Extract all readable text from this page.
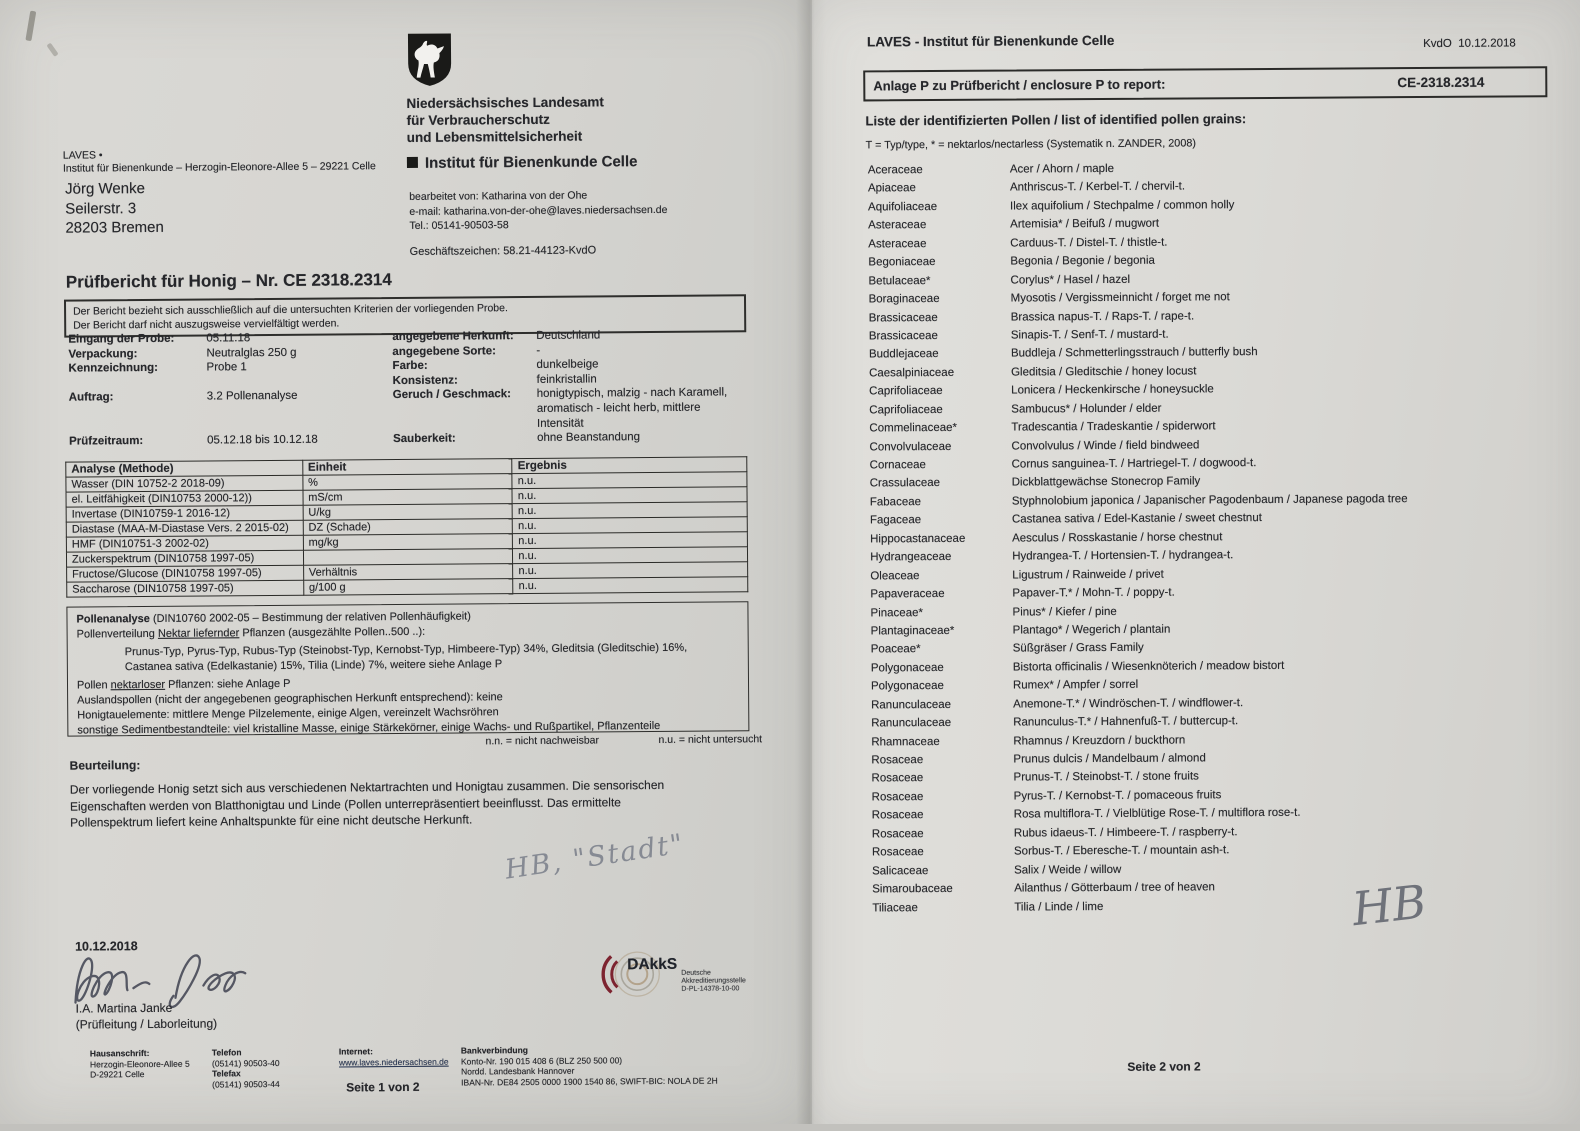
LAVES •
Institut für Bienenkunde – Herzogin-Eleonore-Allee 5 – 29221 Celle
Jörg Wenke
Seilerstr. 3
28203 Bremen
Niedersächsisches Landesamt
für Verbraucherschutz
und Lebensmittelsicherheit
Institut für Bienenkunde Celle
bearbeitet von: Katharina von der Ohe
e-mail: katharina.von-der-ohe@laves.niedersachsen.de
Tel.: 05141-90503-58
Geschäftszeichen: 58.21-44123-KvdO
Prüfbericht für Honig – Nr. CE 2318.2314
Der Bericht bezieht sich ausschließlich auf die untersuchten Kriterien der vorliegenden Probe.
Der Bericht darf nicht auszugsweise vervielfältigt werden.
Eingang der Probe:	05.11.18	angegebene Herkunft:	Deutschland
Verpackung:	Neutralglas 250 g	angegebene Sorte:	-
Kennzeichnung:	Probe 1	Farbe:	dunkelbeige
Konsistenz:	feinkristallin
Auftrag:	3.2 Pollenanalyse	Geruch / Geschmack:	honigtypisch, malzig - nach Karamell,
aromatisch - leicht herb, mittlere
Intensität
Prüfzeitraum:	05.12.18 bis 10.12.18	Sauberkeit:	ohne Beanstandung
Analyse (Methode)	Einheit	Ergebnis
Wasser (DIN 10752-2 2018-09)	%	n.u.
el. Leitfähigkeit (DIN10753 2000-12))	mS/cm	n.u.
Invertase (DIN10759-1 2016-12)	U/kg	n.u.
Diastase (MAA-M-Diastase Vers. 2 2015-02)	DZ (Schade)	n.u.
HMF (DIN10751-3 2002-02)	mg/kg	n.u.
Zuckerspektrum (DIN10758 1997-05)		n.u.
Fructose/Glucose (DIN10758 1997-05)	Verhältnis	n.u.
Saccharose (DIN10758 1997-05)	g/100 g	n.u.
Pollenanalyse (DIN10760 2002-05 – Bestimmung der relativen Pollenhäufigkeit)
Pollenverteilung Nektar liefernder Pflanzen (ausgezählte Pollen..500 ..):
Prunus-Typ, Pyrus-Typ, Rubus-Typ (Steinobst-Typ, Kernobst-Typ, Himbeere-Typ) 34%, Gleditsia (Gleditschie) 16%,
Castanea sativa (Edelkastanie) 15%, Tilia (Linde) 7%, weitere siehe Anlage P
Pollen nektarloser Pflanzen: siehe Anlage P
Auslandspollen (nicht der angegebenen geographischen Herkunft entsprechend): keine
Honigtauelemente: mittlere Menge Pilzelemente, einige Algen, vereinzelt Wachsröhren
sonstige Sedimentbestandteile: viel kristalline Masse, einige Stärkekörner, einige Wachs- und Rußpartikel, Pflanzenteile
n.n. = nicht nachweisbar	n.u. = nicht untersucht
Beurteilung:
Der vorliegende Honig setzt sich aus verschiedenen Nektartrachten und Honigtau zusammen. Die sensorischen
Eigenschaften werden von Blatthonigtau und Linde (Pollen unterrepräsentiert beeinflusst. Das ermittelte
Pollenspektrum liefert keine Anhaltspunkte für eine nicht deutsche Herkunft.
HB, "Stadt"
10.12.2018
I.A. Martina Janke
(Prüfleitung / Laborleitung)
DAkkS Deutsche
Akkreditierungsstelle
D-PL-14378-10-00
Hausanschrift:
Herzogin-Eleonore-Allee 5
D-29221 Celle
Telefon
(05141) 90503-40
Telefax
(05141) 90503-44
Internet:
www.laves.niedersachsen.de
Bankverbindung
Konto-Nr. 190 015 408 6 (BLZ 250 500 00)
Nordd. Landesbank Hannover
IBAN-Nr. DE84 2505 0000 1900 1540 86, SWIFT-BIC: NOLA DE 2H
Seite 1 von 2
LAVES - Institut für Bienenkunde Celle	KvdO  10.12.2018
Anlage P zu Prüfbericht / enclosure P to report:	CE-2318.2314
Liste der identifizierten Pollen / list of identified pollen grains:
T = Typ/type, * = nektarlos/nectarless (Systematik n. ZANDER, 2008)
Aceraceae	Acer / Ahorn / maple
Apiaceae	Anthriscus-T. / Kerbel-T. / chervil-t.
Aquifoliaceae	Ilex aquifolium / Stechpalme / common holly
Asteraceae	Artemisia* / Beifuß / mugwort
Asteraceae	Carduus-T. / Distel-T. / thistle-t.
Begoniaceae	Begonia / Begonie / begonia
Betulaceae*	Corylus* / Hasel / hazel
Boraginaceae	Myosotis / Vergissmeinnicht / forget me not
Brassicaceae	Brassica napus-T. / Raps-T. / rape-t.
Brassicaceae	Sinapis-T. / Senf-T. / mustard-t.
Buddlejaceae	Buddleja / Schmetterlingsstrauch / butterfly bush
Caesalpiniaceae	Gleditsia / Gleditschie / honey locust
Caprifoliaceae	Lonicera / Heckenkirsche / honeysuckle
Caprifoliaceae	Sambucus* / Holunder / elder
Commelinaceae*	Tradescantia / Tradeskantie / spiderwort
Convolvulaceae	Convolvulus / Winde / field bindweed
Cornaceae	Cornus sanguinea-T. / Hartriegel-T. / dogwood-t.
Crassulaceae	Dickblattgewächse Stonecrop Family
Fabaceae	Styphnolobium japonica / Japanischer Pagodenbaum / Japanese pagoda tree
Fagaceae	Castanea sativa / Edel-Kastanie / sweet chestnut
Hippocastanaceae	Aesculus / Rosskastanie / horse chestnut
Hydrangeaceae	Hydrangea-T. / Hortensien-T. / hydrangea-t.
Oleaceae	Ligustrum / Rainweide / privet
Papaveraceae	Papaver-T.* / Mohn-T. / poppy-t.
Pinaceae*	Pinus* / Kiefer / pine
Plantaginaceae*	Plantago* / Wegerich / plantain
Poaceae*	Süßgräser / Grass Family
Polygonaceae	Bistorta officinalis / Wiesenknöterich / meadow bistort
Polygonaceae	Rumex* / Ampfer / sorrel
Ranunculaceae	Anemone-T.* / Windröschen-T. / windflower-t.
Ranunculaceae	Ranunculus-T.* / Hahnenfuß-T. / buttercup-t.
Rhamnaceae	Rhamnus / Kreuzdorn / buckthorn
Rosaceae	Prunus dulcis / Mandelbaum / almond
Rosaceae	Prunus-T. / Steinobst-T. / stone fruits
Rosaceae	Pyrus-T. / Kernobst-T. / pomaceous fruits
Rosaceae	Rosa multiflora-T. / Vielblütige Rose-T. / multiflora rose-t.
Rosaceae	Rubus idaeus-T. / Himbeere-T. / raspberry-t.
Rosaceae	Sorbus-T. / Eberesche-T. / mountain ash-t.
Salicaceae	Salix / Weide / willow
Simaroubaceae	Ailanthus / Götterbaum / tree of heaven
Tiliaceae	Tilia / Linde / lime	HB
Seite 2 von 2
